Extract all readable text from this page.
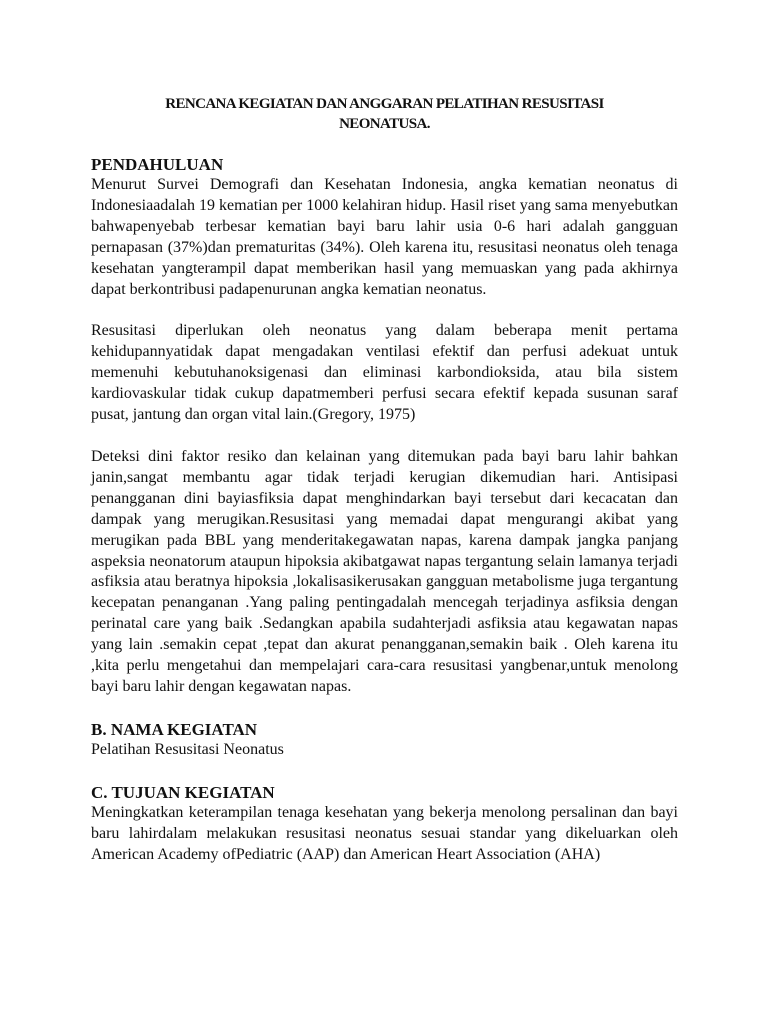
RENCANA KEGIATAN DAN ANGGARAN PELATIHAN RESUSITASI
NEONATUSA.
PENDAHULUAN

Menurut Survei Demografi dan Kesehatan Indonesia, angka kematian neonatus di Indonesiaadalah 19 kematian per 1000 kelahiran hidup. Hasil riset yang sama menyebutkan bahwapenyebab terbesar kematian bayi baru lahir usia 0-6 hari adalah gangguan pernapasan (37%)dan prematuritas (34%). Oleh karena itu, resusitasi neonatus oleh tenaga kesehatan yangterampil dapat memberikan hasil yang memuaskan yang pada akhirnya dapat berkontribusi padapenurunan angka kematian neonatus.

Resusitasi diperlukan oleh neonatus yang dalam beberapa menit pertama kehidupannyatidak dapat mengadakan ventilasi efektif dan perfusi adekuat untuk memenuhi kebutuhanoksigenasi dan eliminasi karbondioksida, atau bila sistem kardiovaskular tidak cukup dapatmemberi perfusi secara efektif kepada susunan saraf pusat, jantung dan organ vital lain.(Gregory, 1975)

Deteksi dini faktor resiko dan kelainan yang ditemukan pada bayi baru lahir bahkan janin,sangat membantu agar tidak terjadi kerugian dikemudian hari. Antisipasi penangganan dini bayiasfiksia dapat menghindarkan bayi tersebut dari kecacatan dan dampak yang merugikan.Resusitasi yang memadai dapat mengurangi akibat yang merugikan pada BBL yang menderitakegawatan napas, karena dampak jangka panjang aspeksia neonatorum ataupun hipoksia akibatgawat napas tergantung selain lamanya terjadi asfiksia atau beratnya hipoksia ,lokalisasikerusakan gangguan metabolisme juga tergantung kecepatan penanganan .Yang paling pentingadalah mencegah terjadinya asfiksia dengan perinatal care yang baik .Sedangkan apabila sudahterjadi asfiksia atau kegawatan napas yang lain .semakin cepat ,tepat dan akurat penangganan,semakin baik . Oleh karena itu ,kita perlu mengetahui dan mempelajari cara-cara resusitasi yangbenar,untuk menolong bayi baru lahir dengan kegawatan napas.

B. NAMA KEGIATAN

Pelatihan Resusitasi Neonatus

C. TUJUAN KEGIATAN

Meningkatkan keterampilan tenaga kesehatan yang bekerja menolong persalinan dan bayi baru lahirdalam melakukan resusitasi neonatus sesuai standar yang dikeluarkan oleh American Academy ofPediatric (AAP) dan American Heart Association (AHA)
